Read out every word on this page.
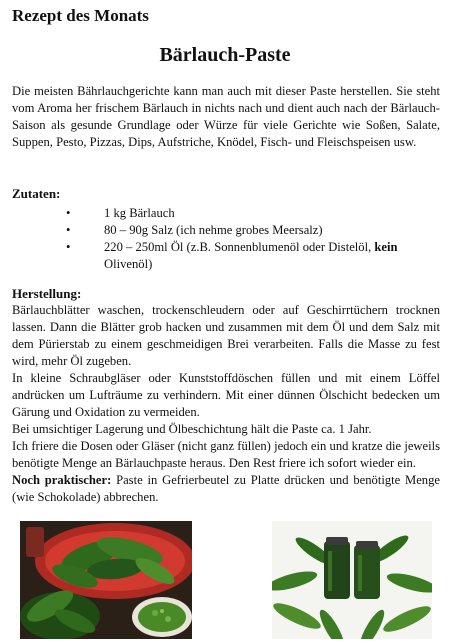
Rezept des Monats
Bärlauch-Paste

Die meisten Bährlauchgerichte kann man auch mit dieser Paste herstellen. Sie steht vom Aroma her frischem Bärlauch in nichts nach und dient auch nach der Bärlauch-Saison als gesunde Grundlage oder Würze für viele Gerichte wie Soßen, Salate, Suppen, Pesto, Pizzas, Dips, Aufstriche, Knödel, Fisch- und Fleischspeisen usw.

Zutaten:
•	1 kg Bärlauch
•	80 – 90g Salz (ich nehme grobes Meersalz)
•	220 – 250ml Öl (z.B. Sonnenblumenöl oder Distelöl, kein Olivenöl)
Herstellung:

Bärlauchblätter waschen, trockenschleudern oder auf Geschirrtüchern trocknen lassen. Dann die Blätter grob hacken und zusammen mit dem Öl und dem Salz mit dem Pürierstab zu einem geschmeidigen Brei verarbeiten. Falls die Masse zu fest wird, mehr Öl zugeben.

In kleine Schraubgläser oder Kunststoffdöschen füllen und mit einem Löffel andrücken um Lufträume zu verhindern. Mit einer dünnen Ölschicht bedecken um Gärung und Oxidation zu vermeiden.

Bei umsichtiger Lagerung und Ölbeschichtung hält die Paste ca. 1 Jahr.

Ich friere die Dosen oder Gläser (nicht ganz füllen) jedoch ein und kratze die jeweils benötigte Menge an Bärlauchpaste heraus. Den Rest friere ich sofort wieder ein.

Noch praktischer: Paste in Gefrierbeutel zu Platte drücken und benötigte Menge (wie Schokolade) abbrechen.
